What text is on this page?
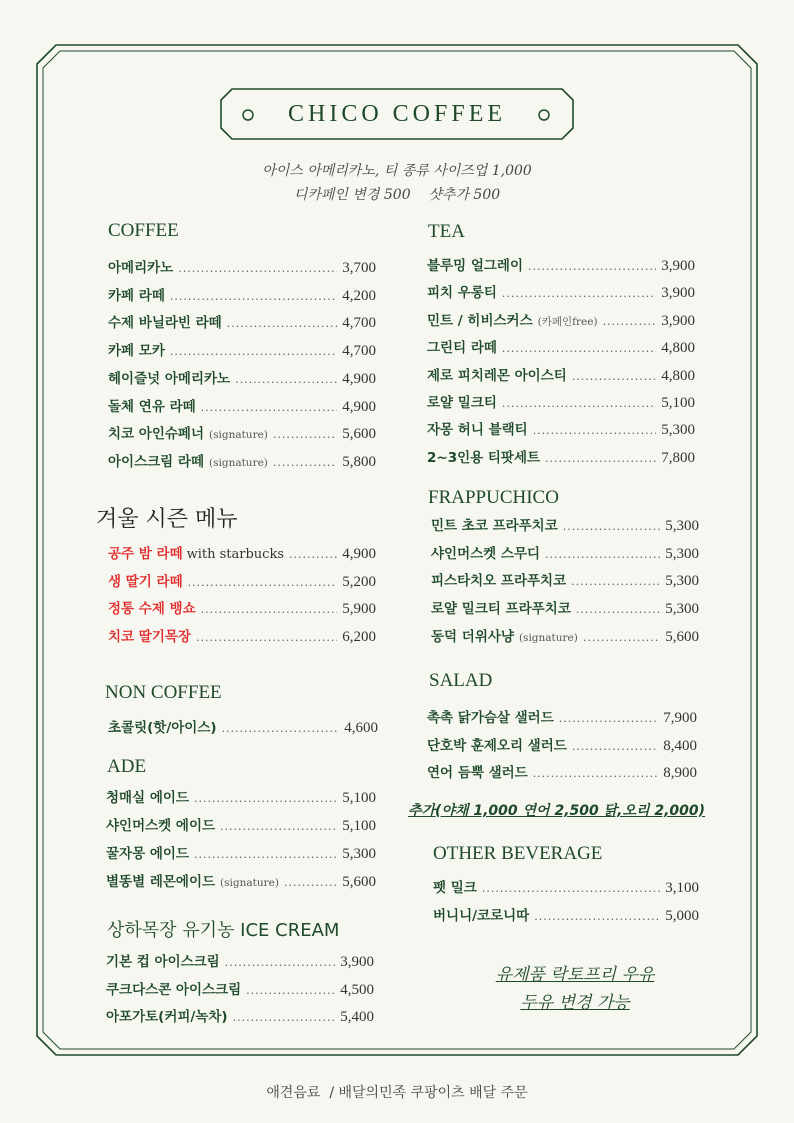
CHICO COFFEE
아이스 아메리카노, 티 종류 사이즈업 1,000
디카페인 변경 500    샷추가 500
COFFEE
아메리카노 .....	3,700
카페 라떼 .....	4,200
수제 바닐라빈 라떼 .....	4,700
카페 모카 .....	4,700
헤이즐넛 아메리카노 .....	4,900
돌체 연유 라떼 .....	4,900
치코 아인슈페너 (signature) .....	5,600
아이스크림 라떼 (signature) .....	5,800
겨울 시즌 메뉴
공주 밤 라떼 with starbucks .....	4,900
생 딸기 라떼 .....	5,200
정통 수제 뱅쇼 .....	5,900
치코 딸기목장 .....	6,200
NON COFFEE
초콜릿(핫/아이스) .....	4,600
ADE
청매실 에이드 .....	5,100
샤인머스켓 에이드 .....	5,100
꿀자몽 에이드 .....	5,300
별똥별 레몬에이드 (signature) .....	5,600
상하목장 유기농 ICE CREAM
기본 컵 아이스크림 .....	3,900
쿠크다스콘 아이스크림 .....	4,500
아포가토(커피/녹차) .....	5,400
TEA
블루밍 얼그레이 .....	3,900
피치 우롱티 .....	3,900
민트 / 히비스커스 (카페인free) .....	3,900
그린티 라떼 .....	4,800
제로 피치레몬 아이스티 .....	4,800
로얄 밀크티 .....	5,100
자몽 허니 블랙티 .....	5,300
2~3인용 티팟세트 .....	7,800
FRAPPUCHICO
민트 초코 프라푸치코 .....	5,300
샤인머스켓 스무디 .....	5,300
피스타치오 프라푸치코 .....	5,300
로얄 밀크티 프라푸치코 .....	5,300
동덕 더위사냥 (signature) .....	5,600
SALAD
촉촉 닭가슴살 샐러드 .....	7,900
단호박 훈제오리 샐러드 .....	8,400
연어 듬뿍 샐러드 .....	8,900
추가(야채 1,000 연어 2,500 닭,오리 2,000)
OTHER BEVERAGE
펫 밀크 .....	3,100
버니니/코로니따 .....	5,000
유제품 락토프리 우유
두유 변경 가능
애견음료  / 배달의민족 쿠팡이츠 배달 주문
